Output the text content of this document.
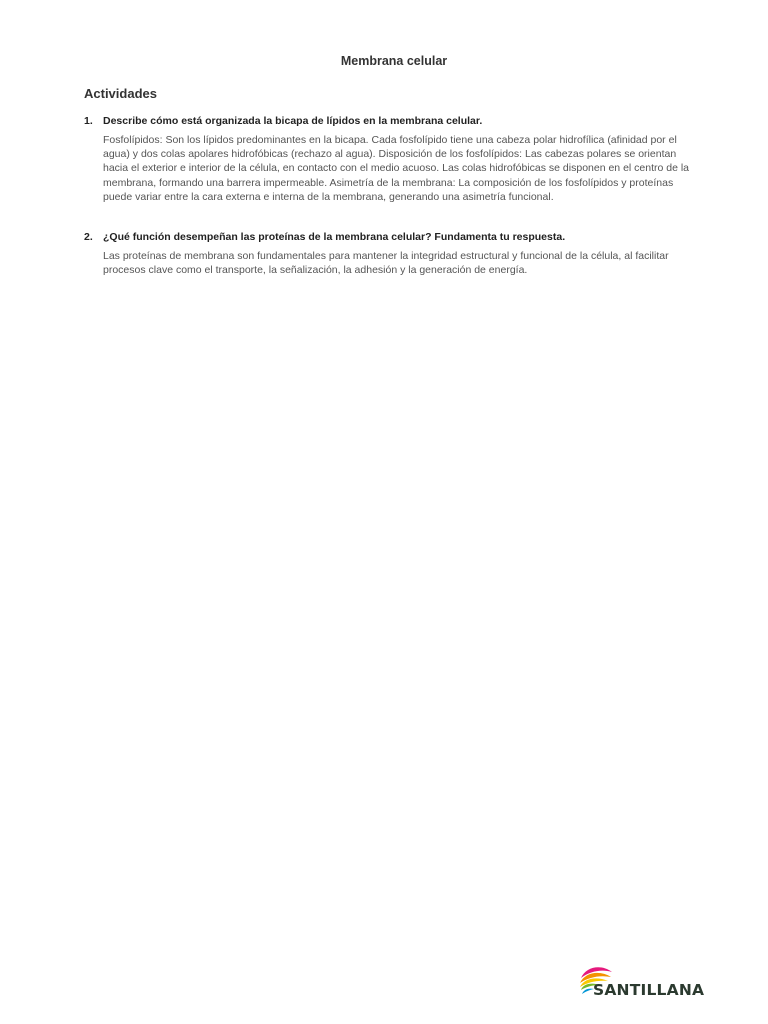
Membrana celular
Actividades
1. Describe cómo está organizada la bicapa de lípidos en la membrana celular.
Fosfolípidos: Son los lípidos predominantes en la bicapa. Cada fosfolípido tiene una cabeza polar hidrofílica (afinidad por el agua) y dos colas apolares hidrofóbicas (rechazo al agua). Disposición de los fosfolípidos: Las cabezas polares se orientan hacia el exterior e interior de la célula, en contacto con el medio acuoso. Las colas hidrofóbicas se disponen en el centro de la membrana, formando una barrera impermeable. Asimetría de la membrana: La composición de los fosfolípidos y proteínas puede variar entre la cara externa e interna de la membrana, generando una asimetría funcional.
2. ¿Qué función desempeñan las proteínas de la membrana celular? Fundamenta tu respuesta.
Las proteínas de membrana son fundamentales para mantener la integridad estructural y funcional de la célula, al facilitar procesos clave como el transporte, la señalización, la adhesión y la generación de energía.
SANTILLANA
